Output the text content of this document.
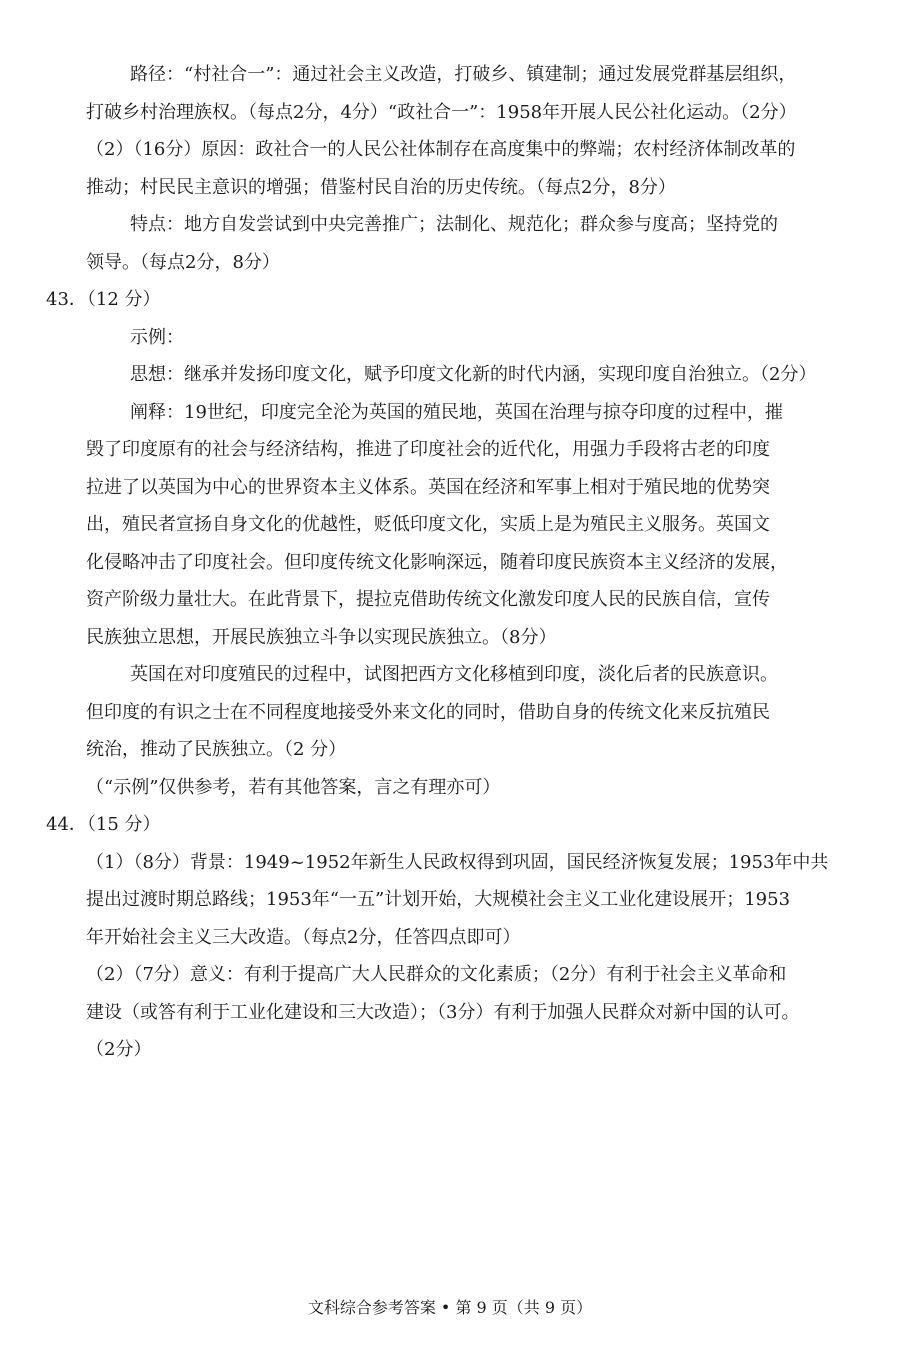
路径：“村社合一”：通过社会主义改造，打破乡、镇建制；通过发展党群基层组织，
打破乡村治理族权。（每点2分，4分）“政社合一”：1958年开展人民公社化运动。（2分）
（2）（16分）原因：政社合一的人民公社体制存在高度集中的弊端；农村经济体制改革的
推动；村民民主意识的增强；借鉴村民自治的历史传统。（每点2分，8分）
特点：地方自发尝试到中央完善推广；法制化、规范化；群众参与度高；坚持党的
领导。（每点2分，8分）
43．（12 分）
示例：
思想：继承并发扬印度文化，赋予印度文化新的时代内涵，实现印度自治独立。（2分）
阐释：19世纪，印度完全沦为英国的殖民地，英国在治理与掠夺印度的过程中，摧
毁了印度原有的社会与经济结构，推进了印度社会的近代化，用强力手段将古老的印度
拉进了以英国为中心的世界资本主义体系。英国在经济和军事上相对于殖民地的优势突
出，殖民者宣扬自身文化的优越性，贬低印度文化，实质上是为殖民主义服务。英国文
化侵略冲击了印度社会。但印度传统文化影响深远，随着印度民族资本主义经济的发展，
资产阶级力量壮大。在此背景下，提拉克借助传统文化激发印度人民的民族自信，宣传
民族独立思想，开展民族独立斗争以实现民族独立。（8分）
英国在对印度殖民的过程中，试图把西方文化移植到印度，淡化后者的民族意识。
但印度的有识之士在不同程度地接受外来文化的同时，借助自身的传统文化来反抗殖民
统治，推动了民族独立。（2 分）
（“示例”仅供参考，若有其他答案，言之有理亦可）
44．（15 分）
（1）（8分）背景：1949~1952年新生人民政权得到巩固，国民经济恢复发展；1953年中共
提出过渡时期总路线；1953年“一五”计划开始，大规模社会主义工业化建设展开；1953
年开始社会主义三大改造。（每点2分，任答四点即可）
（2）（7分）意义：有利于提高广大人民群众的文化素质；（2分）有利于社会主义革命和
建设（或答有利于工业化建设和三大改造）；（3分）有利于加强人民群众对新中国的认可。
（2分）
文科综合参考答案 • 第 9 页（共 9 页）
